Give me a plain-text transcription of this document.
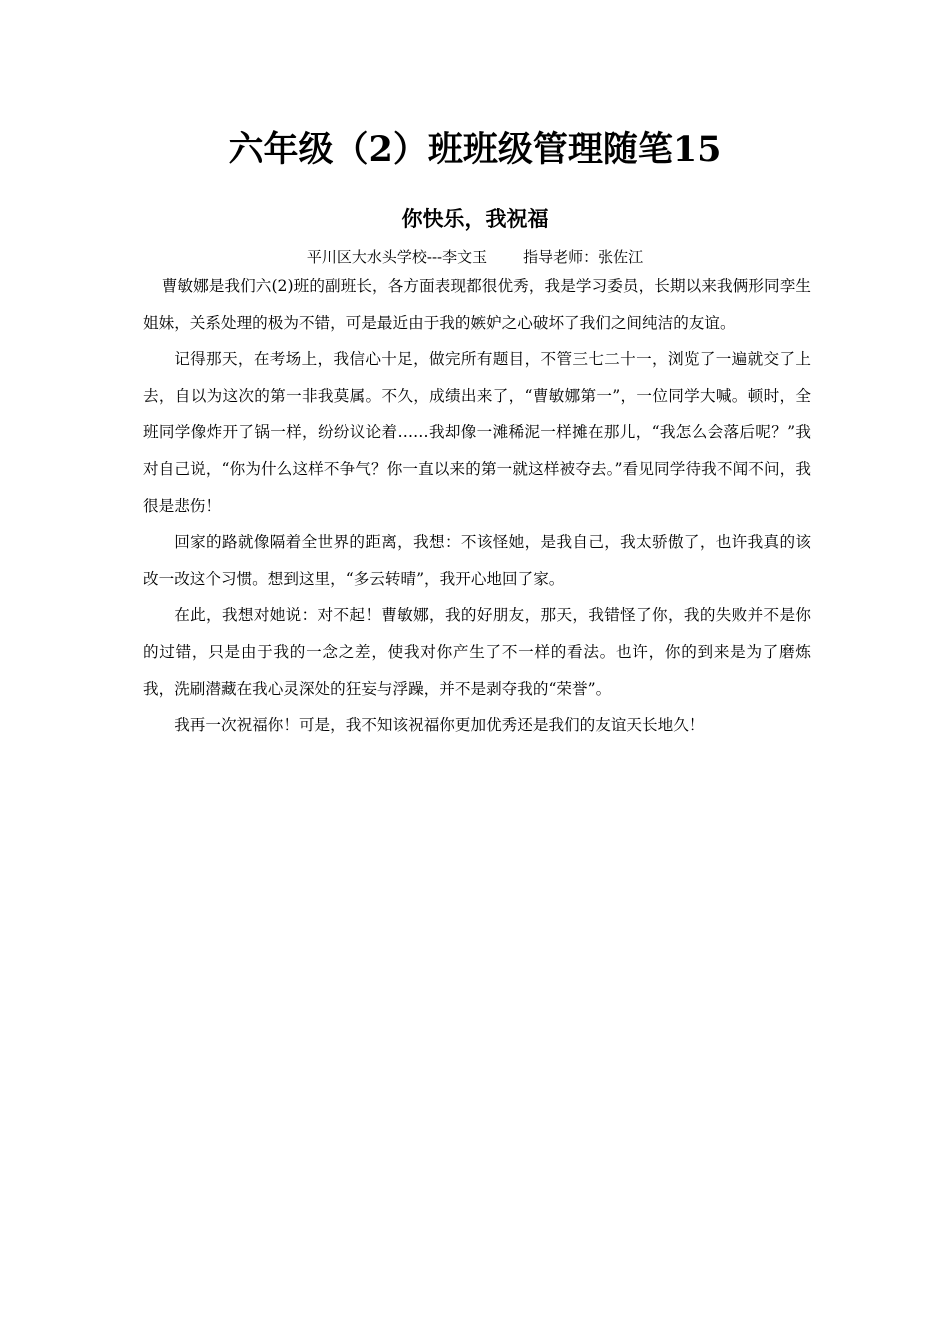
六年级（2）班班级管理随笔15
你快乐，我祝福
平川区大水头学校---李文玉 指导老师：张佐江

曹敏娜是我们六(2)班的副班长，各方面表现都很优秀，我是学习委员，长期以来我俩形同孪生姐妹，关系处理的极为不错，可是最近由于我的嫉妒之心破坏了我们之间纯洁的友谊。

记得那天，在考场上，我信心十足，做完所有题目，不管三七二十一，浏览了一遍就交了上去，自以为这次的第一非我莫属。不久，成绩出来了，“曹敏娜第一”，一位同学大喊。顿时，全班同学像炸开了锅一样，纷纷议论着……我却像一滩稀泥一样摊在那儿，“我怎么会落后呢？”我对自己说，“你为什么这样不争气？你一直以来的第一就这样被夺去。”看见同学待我不闻不问，我很是悲伤！

回家的路就像隔着全世界的距离，我想：不该怪她，是我自己，我太骄傲了，也许我真的该改一改这个习惯。想到这里，“多云转晴”，我开心地回了家。

在此，我想对她说：对不起！曹敏娜，我的好朋友，那天，我错怪了你，我的失败并不是你的过错，只是由于我的一念之差，使我对你产生了不一样的看法。也许，你的到来是为了磨炼我，洗刷潜藏在我心灵深处的狂妄与浮躁，并不是剥夺我的“荣誉”。

我再一次祝福你！可是，我不知该祝福你更加优秀还是我们的友谊天长地久！
